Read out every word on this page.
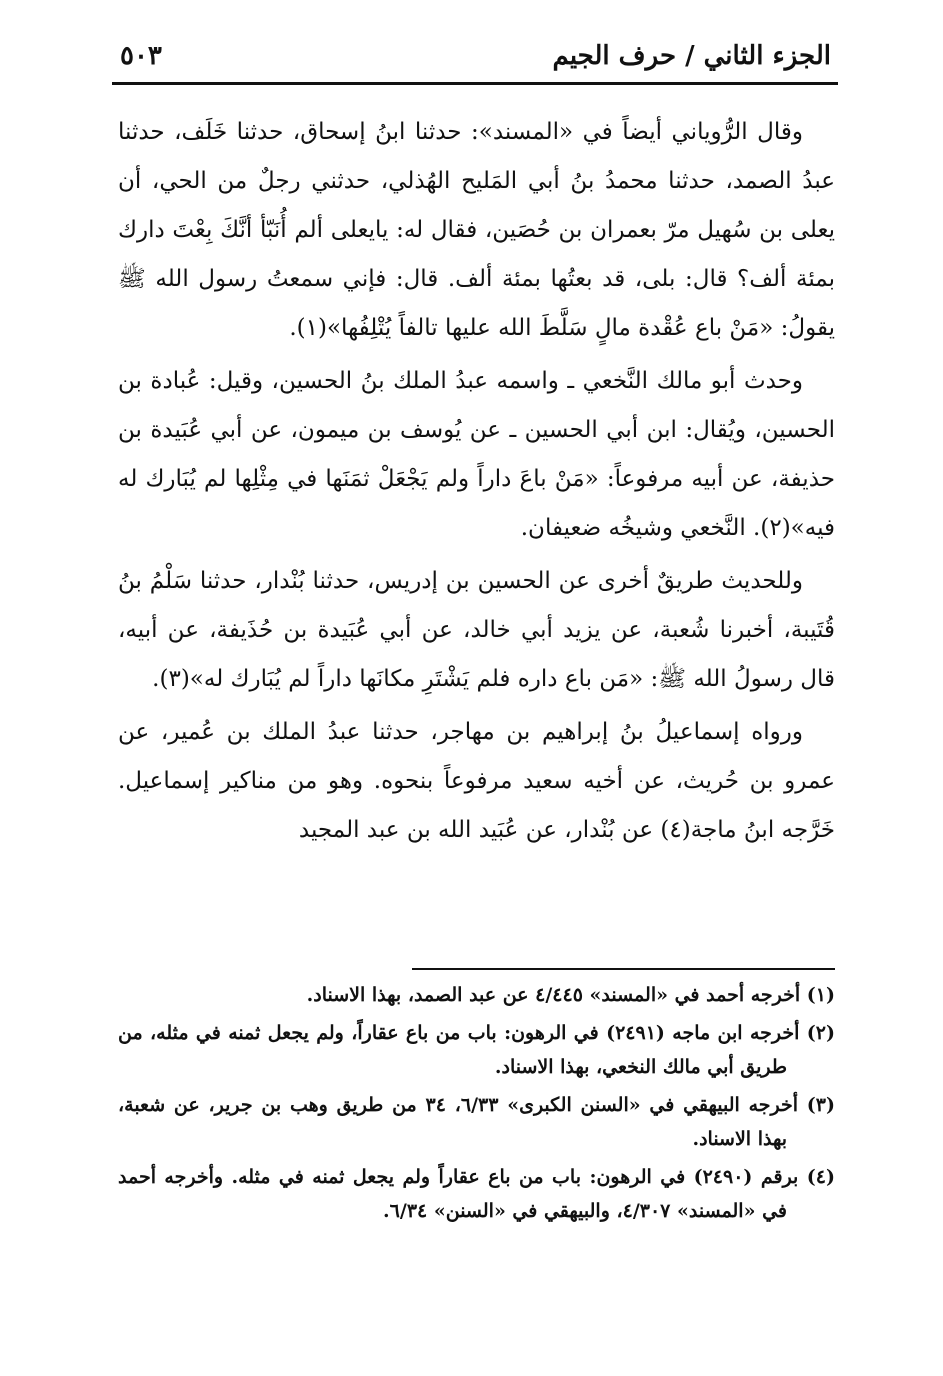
الجزء الثاني / حرف الجيم
٥٠٣

وقال الرُّوياني أيضاً في «المسند»: حدثنا ابنُ إسحاق، حدثنا خَلَف، حدثنا عبدُ الصمد، حدثنا محمدُ بنُ أبي المَليح الهُذلي، حدثني رجلٌ من الحي، أن يعلى بن سُهيل مرّ بعمران بن حُصَين، فقال له: يايعلى ألم أُنَبّأ أنَّكَ بِعْتَ دارك بمئة ألف؟ قال: بلى، قد بعتُها بمئة ألف. قال: فإني سمعتُ رسول الله ﷺ يقولُ: «مَنْ باع عُقْدة مالٍ سَلَّطَ الله عليها تالفاً يُتْلِفُها»(١).

وحدث أبو مالك النَّخعي ـ واسمه عبدُ الملك بنُ الحسين، وقيل: عُبادة بن الحسين، ويُقال: ابن أبي الحسين ـ عن يُوسف بن ميمون، عن أبي عُبَيدة بن حذيفة، عن أبيه مرفوعاً: «مَنْ باعَ داراً ولم يَجْعَلْ ثمَنَها في مِثْلِها لم يُبَارك له فيه»(٢). النَّخعي وشيخُه ضعيفان.

وللحديث طريقٌ أخرى عن الحسين بن إدريس، حدثنا بُنْدار، حدثنا سَلْمُ بنُ قُتَيبة، أخبرنا شُعبة، عن يزيد أبي خالد، عن أبي عُبَيدة بن حُذَيفة، عن أبيه، قال رسولُ الله ﷺ: «مَن باع داره فلم يَشْتَرِ مكانَها داراً لم يُبَارك له»(٣).

ورواه إسماعيلُ بنُ إبراهيم بن مهاجر، حدثنا عبدُ الملك بن عُمير، عن عمرو بن حُريث، عن أخيه سعيد مرفوعاً بنحوه. وهو من مناكير إسماعيل. خَرَّجه ابنُ ماجة(٤) عن بُنْدار، عن عُبَيد الله بن عبد المجيد

(١) أخرجه أحمد في «المسند» ٤/٤٤٥ عن عبد الصمد، بهذا الاسناد.

(٢) أخرجه ابن ماجه (٢٤٩١) في الرهون: باب من باع عقاراً، ولم يجعل ثمنه في مثله، من طريق أبي مالك النخعي، بهذا الاسناد.

(٣) أخرجه البيهقي في «السنن الكبرى» ٦/٣٣، ٣٤ من طريق وهب بن جرير، عن شعبة، بهذا الاسناد.

(٤) برقم (٢٤٩٠) في الرهون: باب من باع عقاراً ولم يجعل ثمنه في مثله. وأخرجه أحمد في «المسند» ٤/٣٠٧، والبيهقي في «السنن» ٦/٣٤.
